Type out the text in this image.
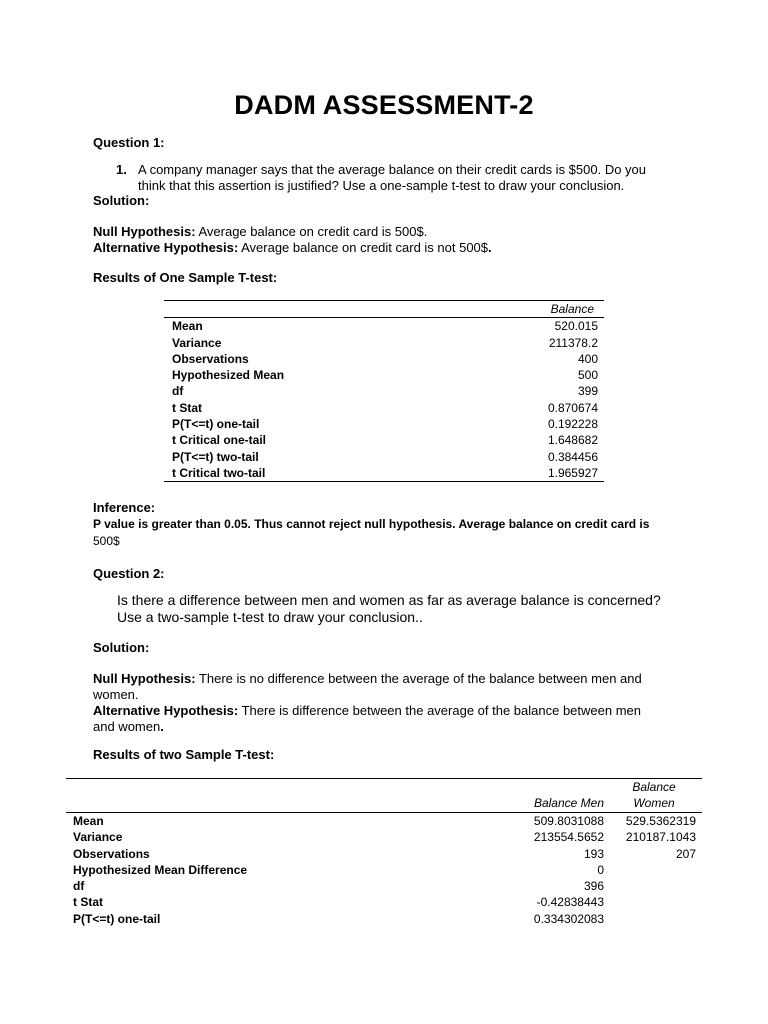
DADM ASSESSMENT-2
Question 1:
1. A company manager says that the average balance on their credit cards is $500. Do you
think that this assertion is justified? Use a one-sample t-test to draw your conclusion.
Solution:
Null Hypothesis: Average balance on credit card is 500$.
Alternative Hypothesis: Average balance on credit card is not 500$.
Results of One Sample T-test:
	Balance
Mean	520.015
Variance	211378.2
Observations	400
Hypothesized Mean	500
df	399
t Stat	0.870674
P(T<=t) one-tail	0.192228
t Critical one-tail	1.648682
P(T<=t) two-tail	0.384456
t Critical two-tail	1.965927
Inference:
P value is greater than 0.05. Thus cannot reject null hypothesis. Average balance on credit card is
500$
Question 2:
Is there a difference between men and women as far as average balance is concerned?
Use a two-sample t-test to draw your conclusion..
Solution:
Null Hypothesis: There is no difference between the average of the balance between men and
women.
Alternative Hypothesis: There is difference between the average of the balance between men
and women.
Results of two Sample T-test:
	Balance Men	Balance
Women

Mean	509.8031088	529.5362319
Variance	213554.5652	210187.1043
Observations	193	207
Hypothesized Mean Difference	0	
df	396	
t Stat	-0.42838443	
P(T<=t) one-tail	0.334302083	
